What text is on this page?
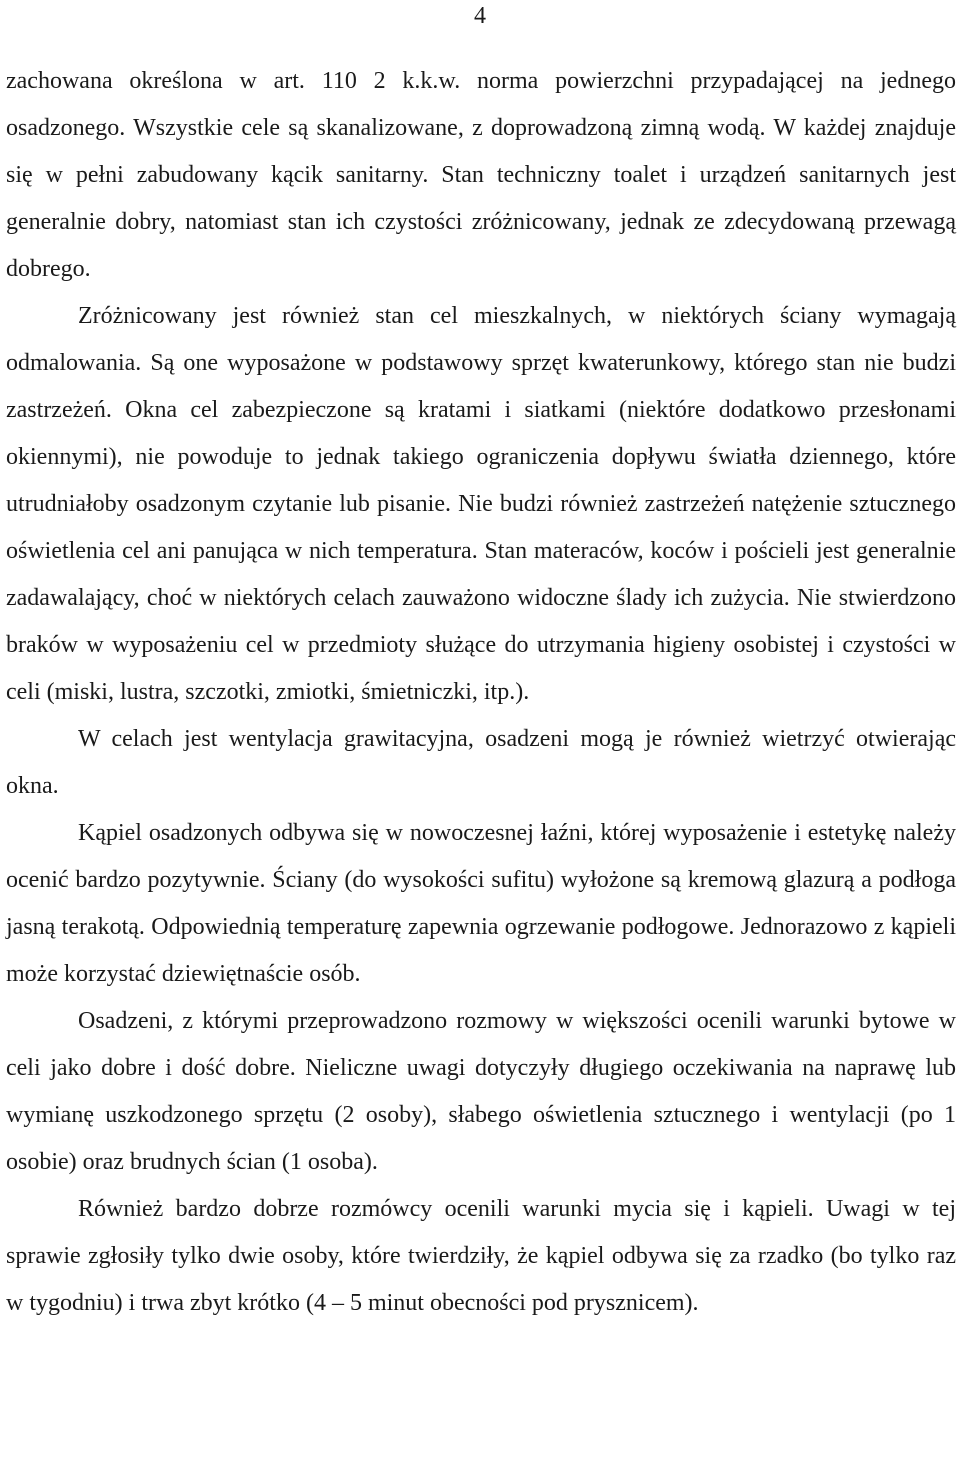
4

zachowana określona w art. 110 2 k.k.w. norma powierzchni przypadającej na jednego osadzonego. Wszystkie cele są skanalizowane, z doprowadzoną zimną wodą. W każdej znajduje się w pełni zabudowany kącik sanitarny. Stan techniczny toalet i urządzeń sanitarnych jest generalnie dobry, natomiast stan ich czystości zróżnicowany, jednak ze zdecydowaną przewagą dobrego.

Zróżnicowany jest również stan cel mieszkalnych, w niektórych ściany wymagają odmalowania. Są one wyposażone w podstawowy sprzęt kwaterunkowy, którego stan nie budzi zastrzeżeń. Okna cel zabezpieczone są kratami i siatkami (niektóre dodatkowo przesłonami okiennymi), nie powoduje to jednak takiego ograniczenia dopływu światła dziennego, które utrudniałoby osadzonym czytanie lub pisanie. Nie budzi również zastrzeżeń natężenie sztucznego oświetlenia cel ani panująca w nich temperatura. Stan materaców, koców i pościeli jest generalnie zadawalający, choć w niektórych celach zauważono widoczne ślady ich zużycia. Nie stwierdzono braków w wyposażeniu cel w przedmioty służące do utrzymania higieny osobistej i czystości w celi (miski, lustra, szczotki, zmiotki, śmietniczki, itp.).

W celach jest wentylacja grawitacyjna, osadzeni mogą je również wietrzyć otwierając okna.

Kąpiel osadzonych odbywa się w nowoczesnej łaźni, której wyposażenie i estetykę należy ocenić bardzo pozytywnie. Ściany (do wysokości sufitu) wyłożone są kremową glazurą a podłoga jasną terakotą. Odpowiednią temperaturę zapewnia ogrzewanie podłogowe. Jednorazowo z kąpieli może korzystać dziewiętnaście osób.

Osadzeni, z którymi przeprowadzono rozmowy w większości ocenili warunki bytowe w celi jako dobre i dość dobre. Nieliczne uwagi dotyczyły długiego oczekiwania na naprawę lub wymianę uszkodzonego sprzętu (2 osoby), słabego oświetlenia sztucznego i wentylacji (po 1 osobie) oraz brudnych ścian (1 osoba).

Również bardzo dobrze rozmówcy ocenili warunki mycia się i kąpieli. Uwagi w tej sprawie zgłosiły tylko dwie osoby, które twierdziły, że kąpiel odbywa się za rzadko (bo tylko raz w tygodniu) i trwa zbyt krótko (4 – 5 minut obecności pod prysznicem).
